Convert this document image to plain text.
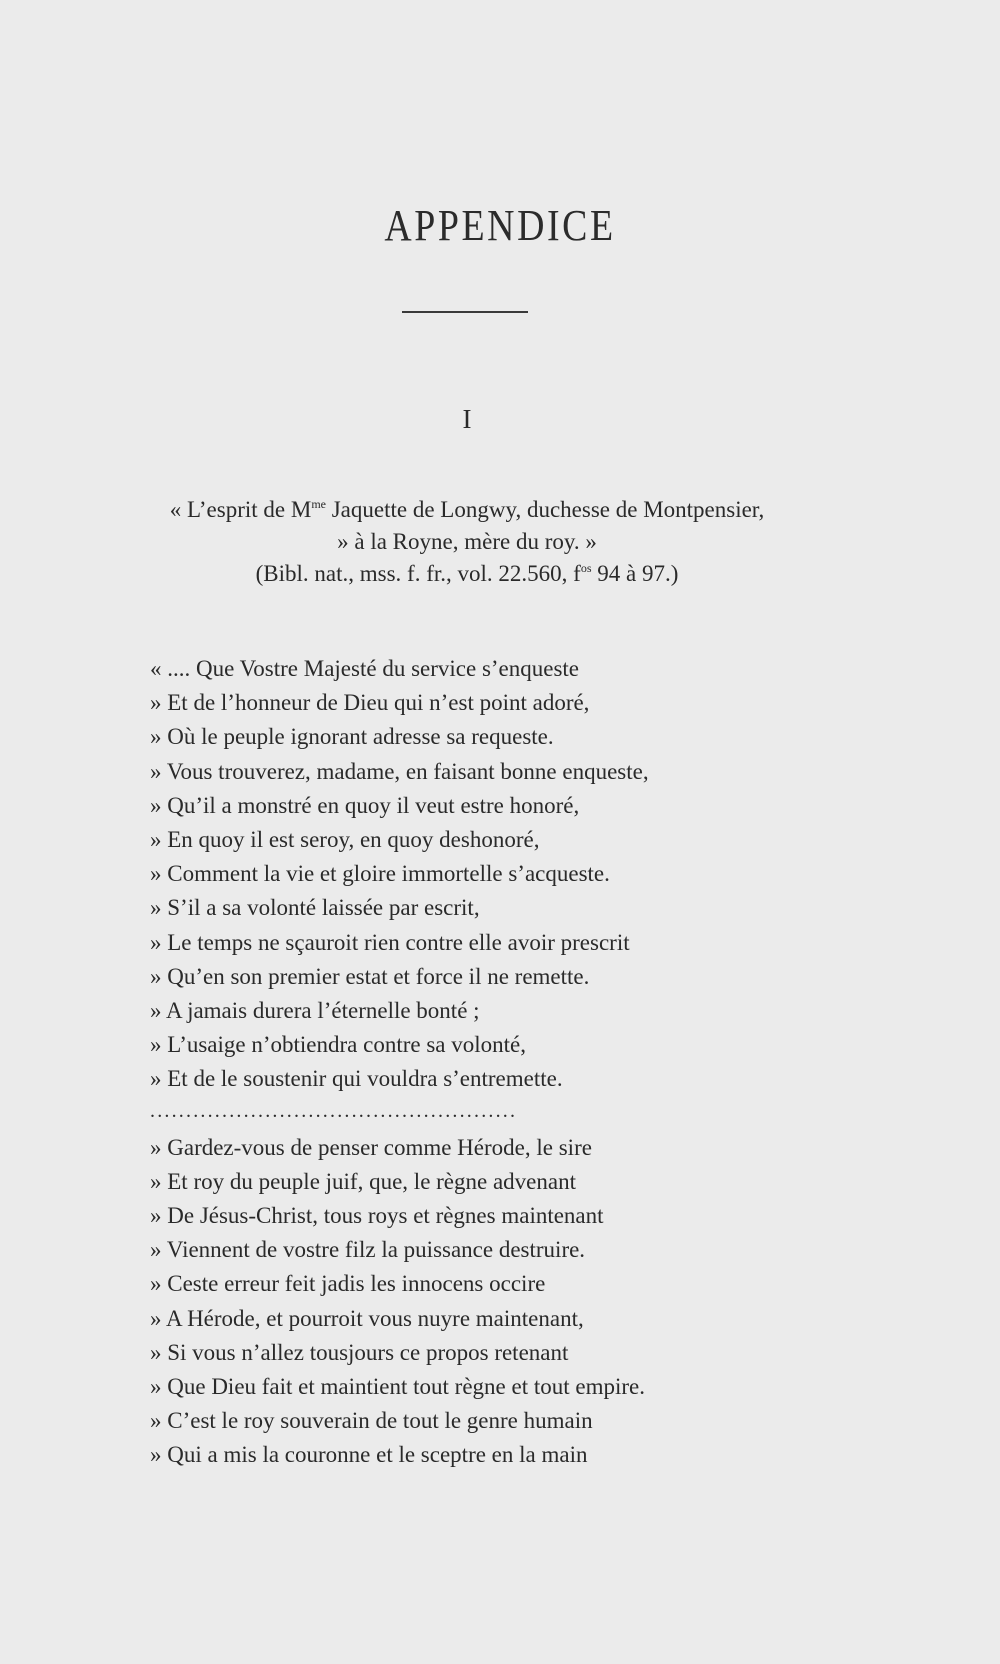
APPENDICE
I
« L’esprit de $M^{me}$ Jaquette de Longwy, duchesse de Montpensier,
» à la Royne, mère du roy. »
(Bibl. nat., mss. f. fr., vol. 22.560, $f^{os}$ 94 à 97.)
« .... Que Vostre Majesté du service s’enqueste
» Et de l’honneur de Dieu qui n’est point adoré,
» Où le peuple ignorant adresse sa requeste.
» Vous trouverez, madame, en faisant bonne enqueste,
» Qu’il a monstré en quoy il veut estre honoré,
» En quoy il est seroy, en quoy deshonoré,
» Comment la vie et gloire immortelle s’acqueste.
» S’il a sa volonté laissée par escrit,
» Le temps ne sçauroit rien contre elle avoir prescrit
» Qu’en son premier estat et force il ne remette.
» A jamais durera l’éternelle bonté ;
» L’usaige n’obtiendra contre sa volonté,
» Et de le soustenir qui vouldra s’entremette.
...................................................
» Gardez-vous de penser comme Hérode, le sire
» Et roy du peuple juif, que, le règne advenant
» De Jésus-Christ, tous roys et règnes maintenant
» Viennent de vostre filz la puissance destruire.
» Ceste erreur feit jadis les innocens occire
» A Hérode, et pourroit vous nuyre maintenant,
» Si vous n’allez tousjours ce propos retenant
» Que Dieu fait et maintient tout règne et tout empire.
» C’est le roy souverain de tout le genre humain
» Qui a mis la couronne et le sceptre en la main
